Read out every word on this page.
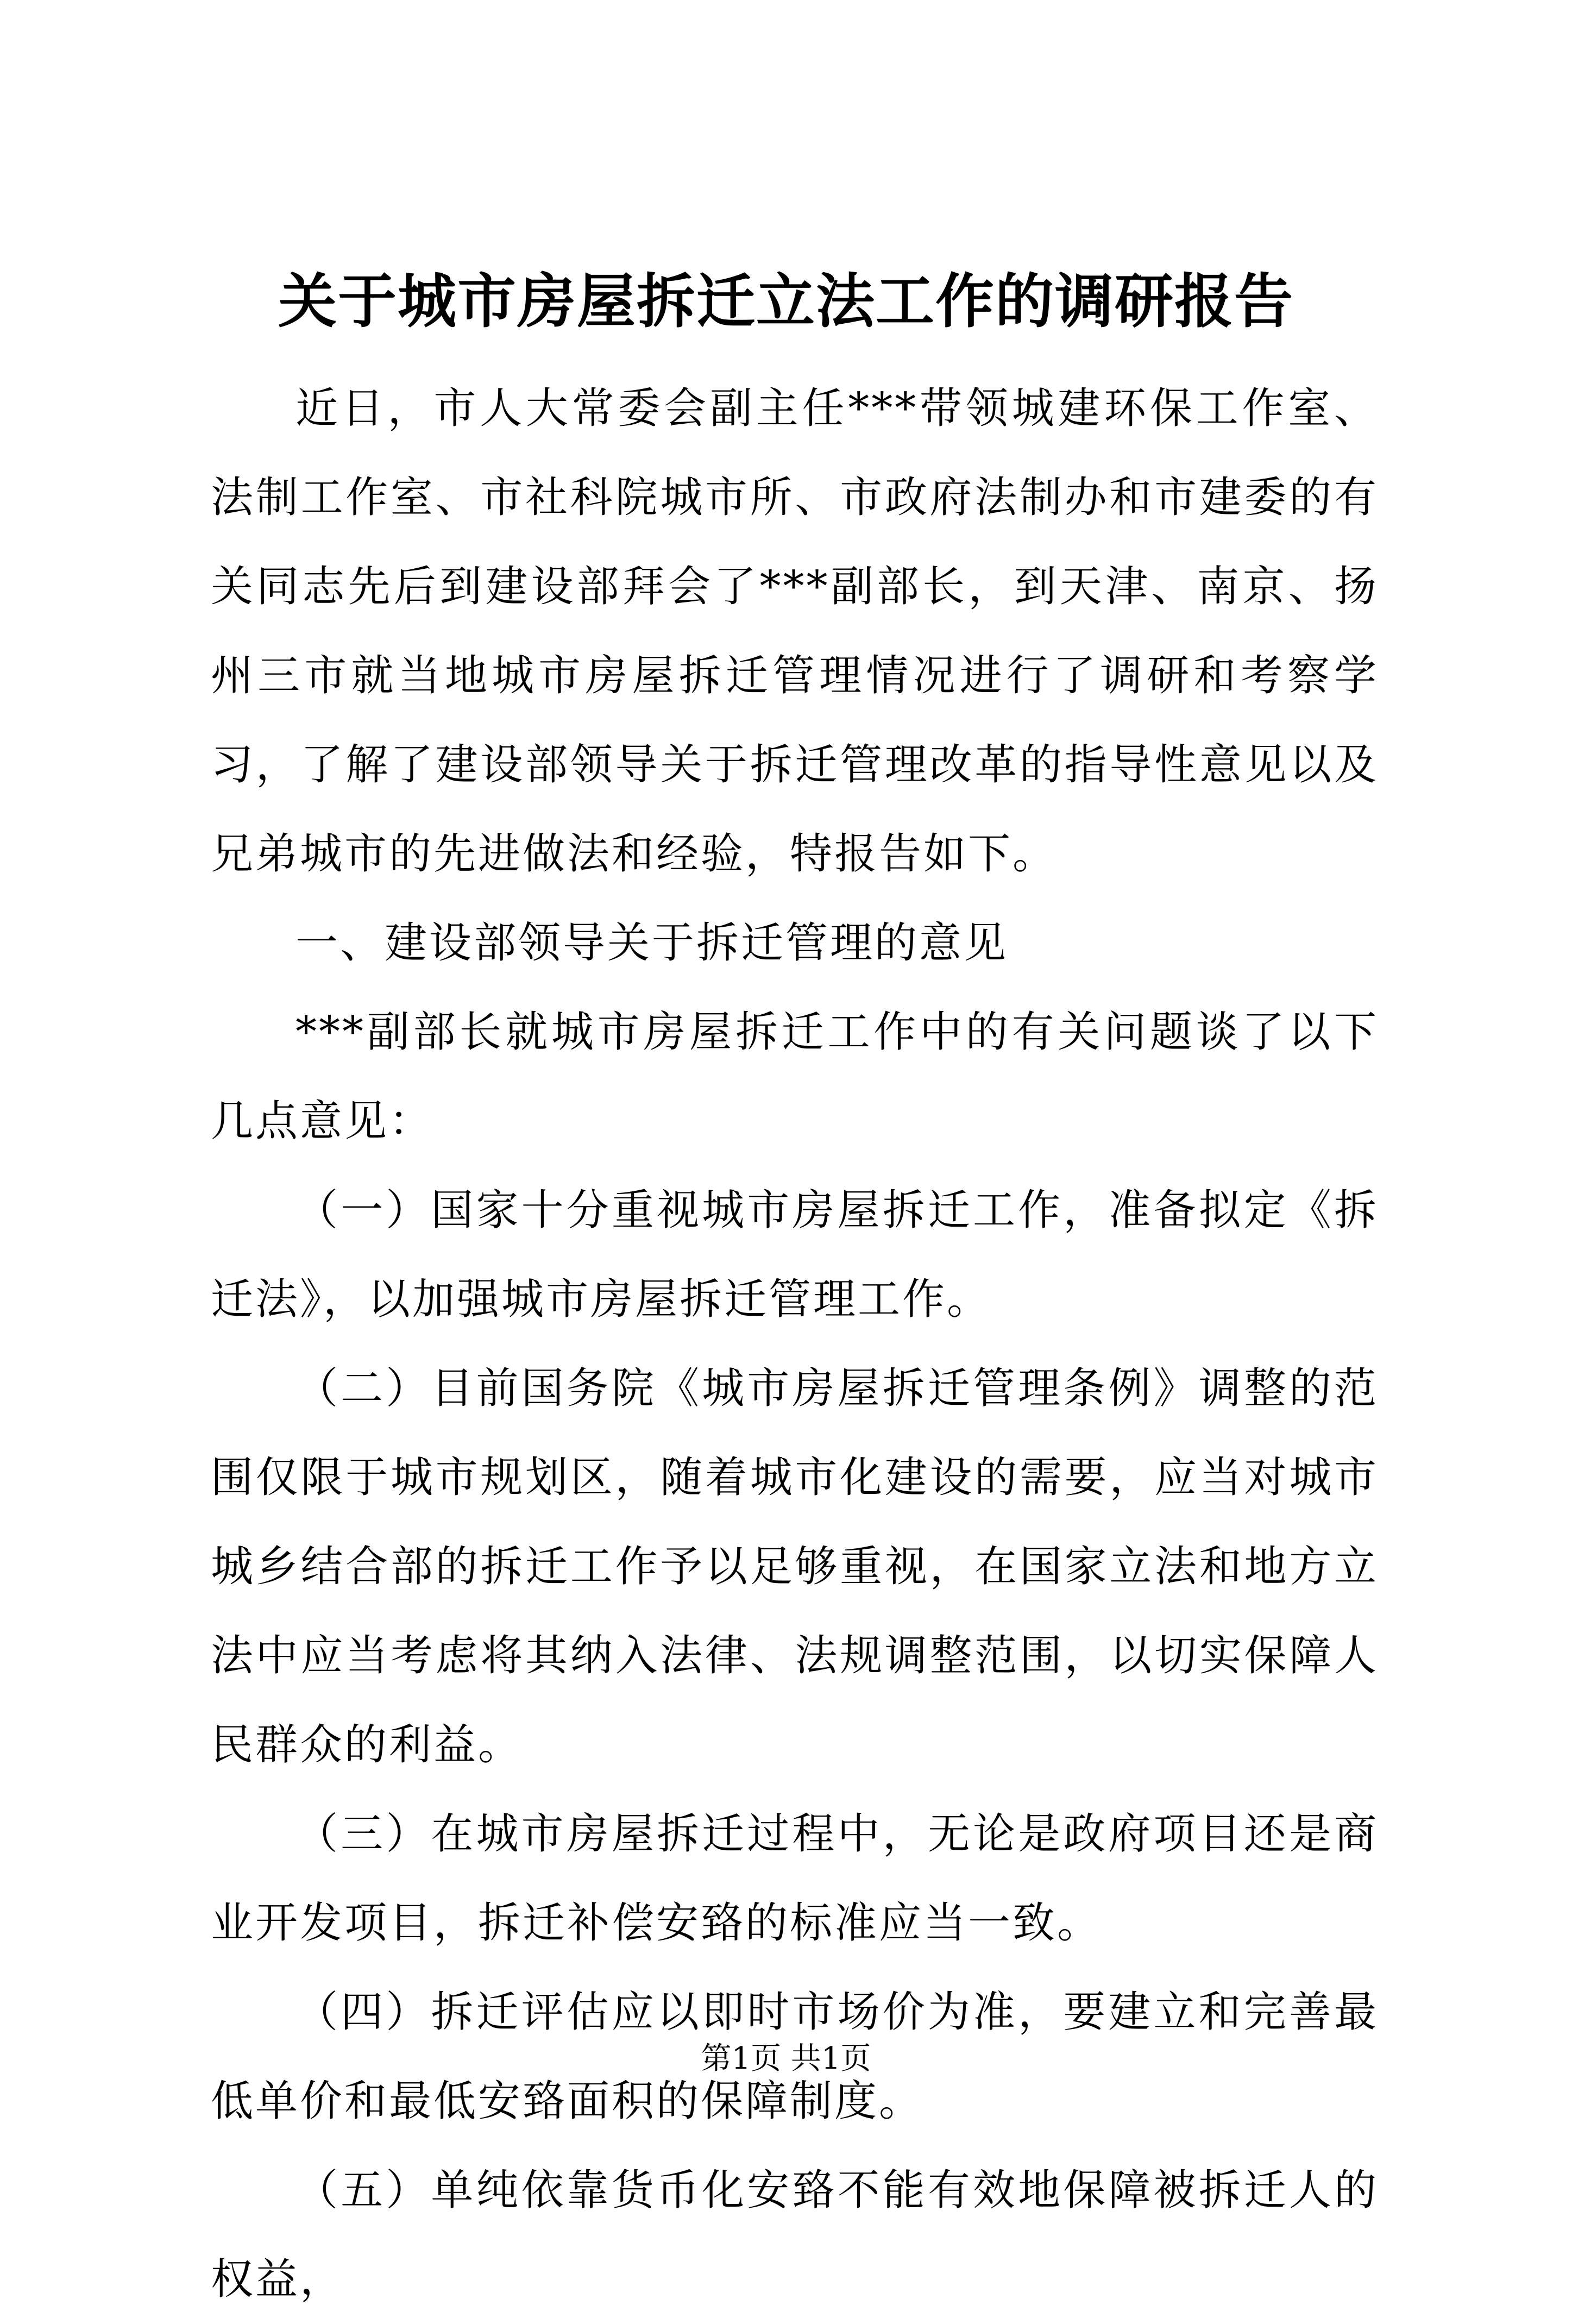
关于城市房屋拆迁立法工作的调研报告

近日，市人大常委会副主任***带领城建环保工作室、法制工作室、市社科院城市所、市政府法制办和市建委的有关同志先后到建设部拜会了***副部长，到天津、南京、扬州三市就当地城市房屋拆迁管理情况进行了调研和考察学习，了解了建设部领导关于拆迁管理改革的指导性意见以及兄弟城市的先进做法和经验，特报告如下。

一、建设部领导关于拆迁管理的意见

***副部长就城市房屋拆迁工作中的有关问题谈了以下几点意见：

（一）国家十分重视城市房屋拆迁工作，准备拟定《拆迁法》，以加强城市房屋拆迁管理工作。

（二）目前国务院《城市房屋拆迁管理条例》调整的范围仅限于城市规划区，随着城市化建设的需要，应当对城市城乡结合部的拆迁工作予以足够重视，在国家立法和地方立法中应当考虑将其纳入法律、法规调整范围，以切实保障人民群众的利益。

（三）在城市房屋拆迁过程中，无论是政府项目还是商业开发项目，拆迁补偿安臵的标准应当一致。

（四）拆迁评估应以即时市场价为准，要建立和完善最低单价和最低安臵面积的保障制度。

（五）单纯依靠货币化安臵不能有效地保障被拆迁人的权益，

第1页 共1页
